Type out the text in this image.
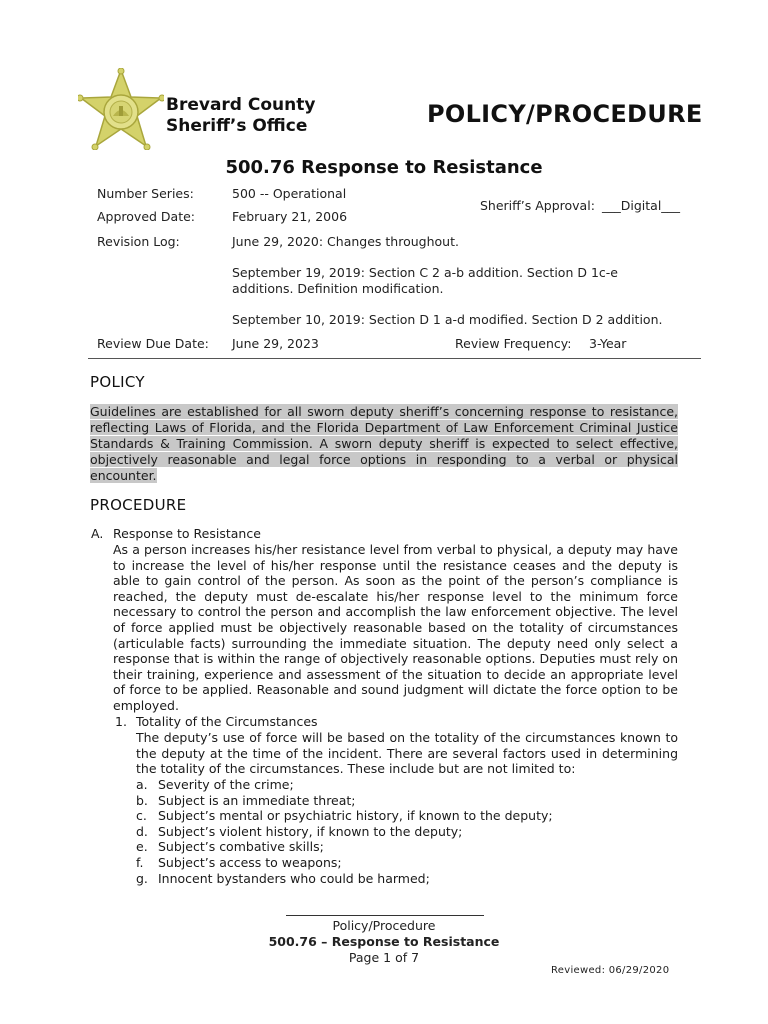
Brevard County
Sheriff’s Office	POLICY/PROCEDURE
500.76 Response to Resistance
Number Series:	500 -- Operational
Approved Date:	February 21, 2006
Sheriff’s Approval: ___Digital___
Revision Log:	June 29, 2020: Changes throughout.
September 19, 2019: Section C 2 a-b addition. Section D 1c-e
additions. Definition modification.
September 10, 2019: Section D 1 a-d modified. Section D 2 addition.
Review Due Date: June 29, 2023	Review Frequency: 3-Year
POLICY
Guidelines are established for all sworn deputy sheriff’s concerning response to resistance, reflecting Laws of Florida, and the Florida Department of Law Enforcement Criminal Justice Standards & Training Commission. A sworn deputy sheriff is expected to select effective, objectively reasonable and legal force options in responding to a verbal or physical encounter.
PROCEDURE
A. Response to Resistance
As a person increases his/her resistance level from verbal to physical, a deputy may have to increase the level of his/her response until the resistance ceases and the deputy is able to gain control of the person. As soon as the point of the person’s compliance is reached, the deputy must de-escalate his/her response level to the minimum force necessary to control the person and accomplish the law enforcement objective. The level of force applied must be objectively reasonable based on the totality of circumstances (articulable facts) surrounding the immediate situation. The deputy need only select a response that is within the range of objectively reasonable options. Deputies must rely on their training, experience and assessment of the situation to decide an appropriate level of force to be applied. Reasonable and sound judgment will dictate the force option to be employed.
1. Totality of the Circumstances
The deputy’s use of force will be based on the totality of the circumstances known to the deputy at the time of the incident. There are several factors used in determining the totality of the circumstances. These include but are not limited to:
a. Severity of the crime;
b. Subject is an immediate threat;
c. Subject’s mental or psychiatric history, if known to the deputy;
d. Subject’s violent history, if known to the deputy;
e. Subject’s combative skills;
f.	Subject’s access to weapons;
g. Innocent bystanders who could be harmed;
Policy/Procedure
500.76 – Response to Resistance
Page 1 of 7
Reviewed: 06/29/2020
